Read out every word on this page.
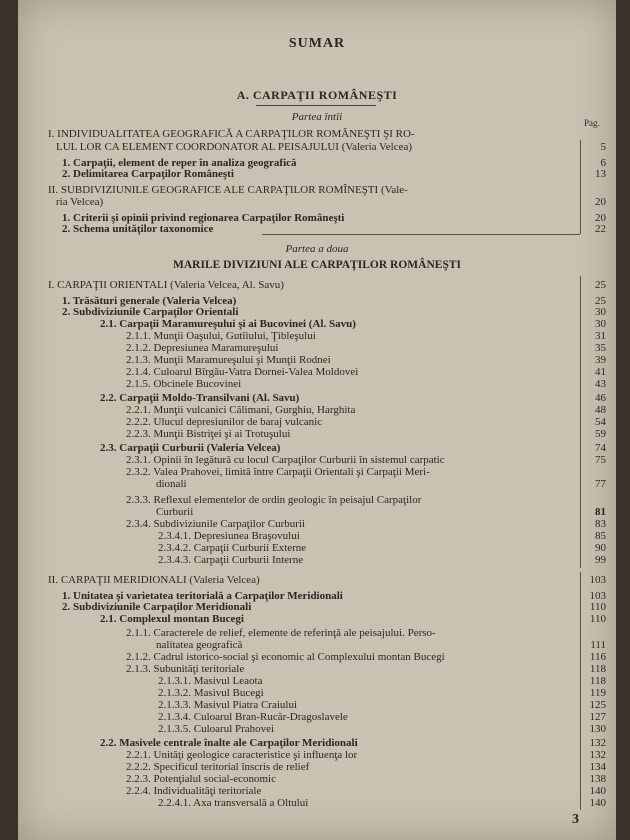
SUMAR
A. CARPAŢII ROMÂNEŞTI
Partea întîi	Pag.
I. INDIVIDUALITATEA GEOGRAFICĂ A CARPAŢILOR ROMÂNEŞTI ŞI RO-
LUL LOR CA ELEMENT COORDONATOR AL PEISAJULUI (Valeria Velcea)	5
1. Carpaţii, element de reper în analiza geografică	6
2. Delimitarea Carpaţilor Româneşti	13
II. SUBDIVIZIUNILE GEOGRAFICE ALE CARPAŢILOR ROMÎNEŞTI (Vale-
ria Velcea)	20
1. Criterii şi opinii privind regionarea Carpaţilor Româneşti	20
2. Schema unităţilor taxonomice	22
Partea a doua
MARILE DIVIZIUNI ALE CARPAŢILOR ROMÂNEŞTI
I. CARPAŢII ORIENTALI (Valeria Velcea, Al. Savu)	25
1. Trăsături generale (Valeria Velcea)	25
2. Subdiviziunile Carpaţilor Orientali	30
2.1. Carpaţii Maramureşului şi ai Bucovinei (Al. Savu)	30
2.1.1. Munţii Oaşului, Gutîiului, Ţibleşului	31
2.1.2. Depresiunea Maramureşului	35
2.1.3. Munţii Maramureşului şi Munţii Rodnei	39
2.1.4. Culoarul Bîrgău-Vatra Dornei-Valea Moldovei	41
2.1.5. Obcinele Bucovinei	43
2.2. Carpaţii Moldo-Transilvani (Al. Savu)	46
2.2.1. Munţii vulcanici Călimani, Gurghiu, Harghita	48
2.2.2. Ulucul depresiunilor de baraj vulcanic	54
2.2.3. Munţii Bistriţei şi ai Trotuşului	59
2.3. Carpaţii Curburii (Valeria Velcea)	74
2.3.1. Opinii în legătură cu locul Carpaţilor Curburii în sistemul carpatic	75
2.3.2. Valea Prahovei, limită între Carpaţii Orientali şi Carpaţii Meri-
dionali	77
2.3.3. Reflexul elementelor de ordin geologic în peisajul Carpaţilor
Curburii	81
2.3.4. Subdiviziunile Carpaţilor Curburii	83
2.3.4.1. Depresiunea Braşovului	85
2.3.4.2. Carpaţii Curburii Externe	90
2.3.4.3. Carpaţii Curburii Interne	99
II. CARPAŢII MERIDIONALI (Valeria Velcea)	103
1. Unitatea şi varietatea teritorială a Carpaţilor Meridionali	103
2. Subdiviziunile Carpaţilor Meridionali	110
2.1. Complexul montan Bucegi	110
2.1.1. Caracterele de relief, elemente de referinţă ale peisajului. Perso-
nalitatea geografică	111
2.1.2. Cadrul istorico-social şi economic al Complexului montan Bucegi	116
2.1.3. Subunităţi teritoriale	118
2.1.3.1. Masivul Leaota	118
2.1.3.2. Masivul Bucegi	119
2.1.3.3. Masivul Piatra Craiului	125
2.1.3.4. Culoarul Bran-Rucăr-Dragoslavele	127
2.1.3.5. Culoarul Prahovei	130
2.2. Masivele centrale înalte ale Carpaţilor Meridionali	132
2.2.1. Unităţi geologice caracteristice şi influenţa lor	132
2.2.2. Specificul teritorial înscris de relief	134
2.2.3. Potenţialul social-economic	138
2.2.4. Individualităţi teritoriale	140
2.2.4.1. Axa transversală a Oltului	140
3
